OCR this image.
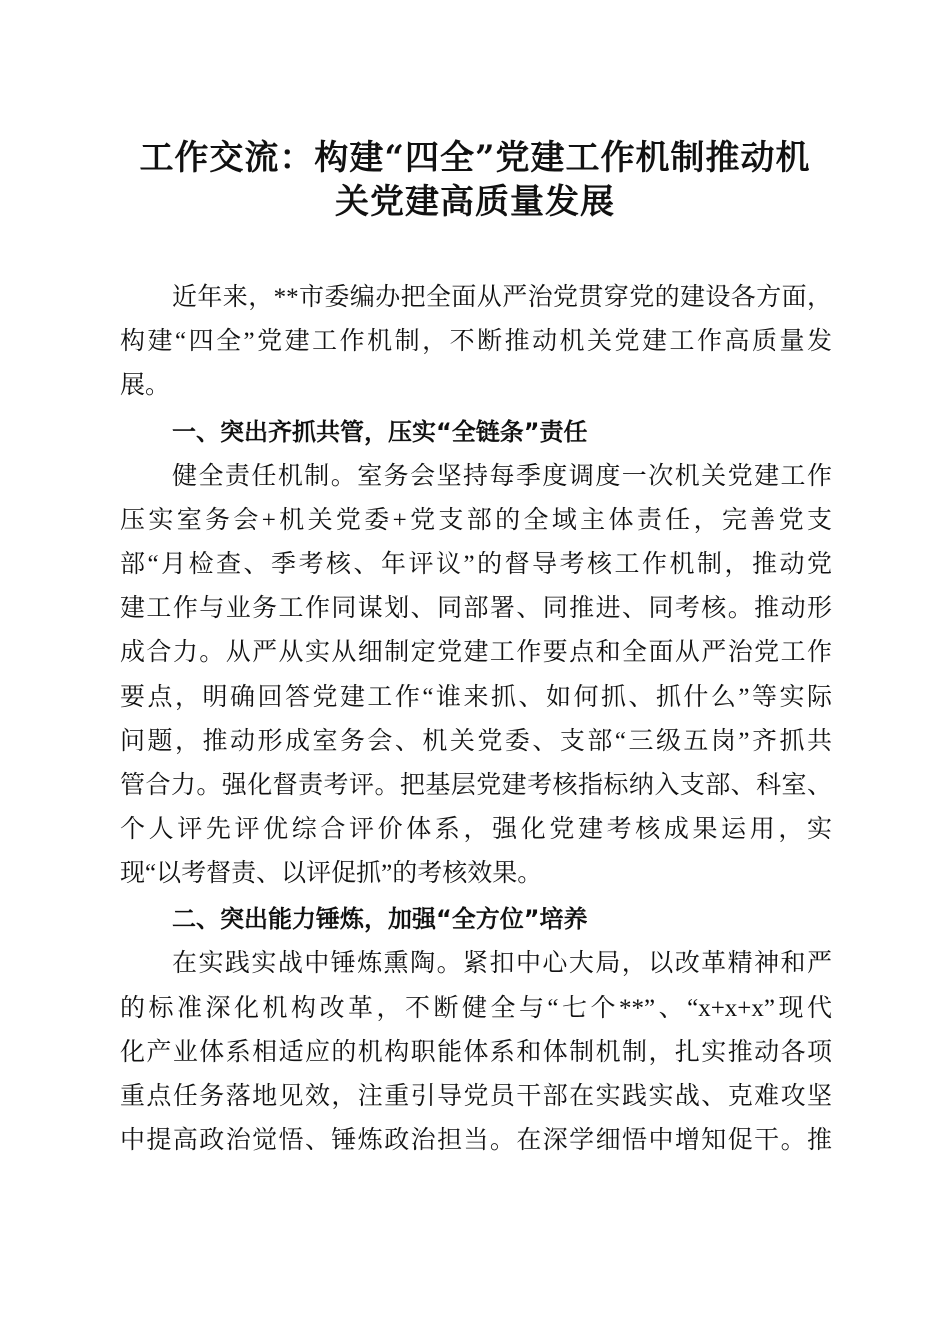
工作交流：构建“四全”党建工作机制推动机
关党建高质量发展
近年来，**市委编办把全面从严治党贯穿党的建设各方面，
构建“四全”党建工作机制，不断推动机关党建工作高质量发
展。
一、突出齐抓共管，压实“全链条”责任
健全责任机制。室务会坚持每季度调度一次机关党建工作
压实室务会+机关党委+党支部的全域主体责任，完善党支
部“月检查、季考核、年评议”的督导考核工作机制，推动党
建工作与业务工作同谋划、同部署、同推进、同考核。推动形
成合力。从严从实从细制定党建工作要点和全面从严治党工作
要点，明确回答党建工作“谁来抓、如何抓、抓什么”等实际
问题，推动形成室务会、机关党委、支部“三级五岗”齐抓共
管合力。强化督责考评。把基层党建考核指标纳入支部、科室、
个人评先评优综合评价体系，强化党建考核成果运用，实
现“以考督责、以评促抓”的考核效果。
二、突出能力锤炼，加强“全方位”培养
在实践实战中锤炼熏陶。紧扣中心大局，以改革精神和严
的标准深化机构改革，不断健全与“七个**”、“x+x+x”现代
化产业体系相适应的机构职能体系和体制机制，扎实推动各项
重点任务落地见效，注重引导党员干部在实践实战、克难攻坚
中提高政治觉悟、锤炼政治担当。在深学细悟中增知促干。推
